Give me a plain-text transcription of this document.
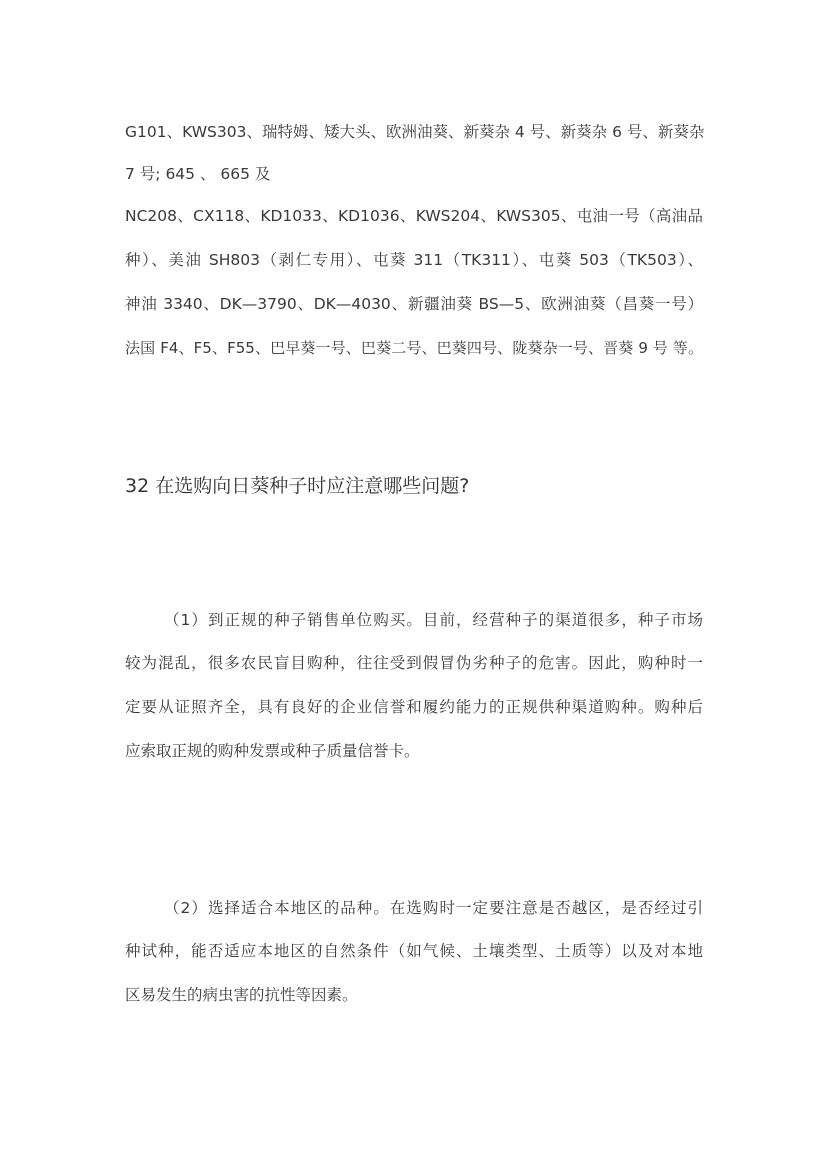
G101、KWS303、瑞特姆、矮大头、欧洲油葵、新葵杂 4 号、新葵杂 6 号、新葵杂
7 号; 645 、 665 及
NC208、CX118、KD1033、KD1036、KWS204、KWS305、屯油一号（高油品
种）、美油 SH803（剥仁专用）、屯葵 311（TK311）、屯葵 503（TK503）、
神油 3340、DK—3790、DK—4030、新疆油葵 BS—5、欧洲油葵（昌葵一号）
法国 F4、F5、F55、巴早葵一号、巴葵二号、巴葵四号、陇葵杂一号、晋葵 9 号 等。
32 在选购向日葵种子时应注意哪些问题?
（1）到正规的种子销售单位购买。目前，经营种子的渠道很多，种子市场
较为混乱，很多农民盲目购种，往往受到假冒伪劣种子的危害。因此，购种时一
定要从证照齐全，具有良好的企业信誉和履约能力的正规供种渠道购种。购种后
应索取正规的购种发票或种子质量信誉卡。
（2）选择适合本地区的品种。在选购时一定要注意是否越区，是否经过引
种试种，能否适应本地区的自然条件（如气候、土壤类型、土质等）以及对本地
区易发生的病虫害的抗性等因素。
